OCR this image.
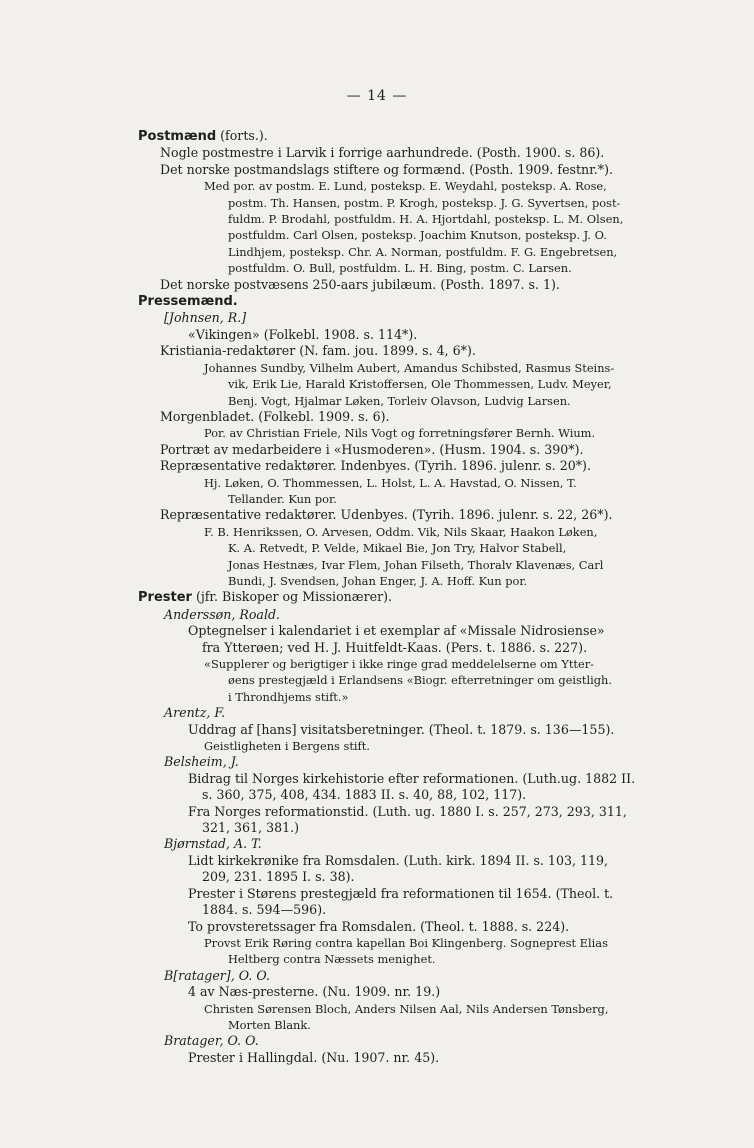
— 14 —
Postmænd (forts.).
Nogle postmestre i Larvik i forrige aarhundrede. (Posth. 1900. s. 86).
Det norske postmandslags stiftere og formænd. (Posth. 1909. festnr.*).
Med por. av postm. E. Lund, posteksp. E. Weydahl, posteksp. A. Rose,
postm. Th. Hansen, postm. P. Krogh, posteksp. J. G. Syvertsen, post-
fuldm. P. Brodahl, postfuldm. H. A. Hjortdahl, posteksp. L. M. Olsen,
postfuldm. Carl Olsen, posteksp. Joachim Knutson, posteksp. J. O.
Lindhjem, posteksp. Chr. A. Norman, postfuldm. F. G. Engebretsen,
postfuldm. O. Bull, postfuldm. L. H. Bing, postm. C. Larsen.
Det norske postvæsens 250-aars jubilæum. (Posth. 1897. s. 1).
Pressemænd.
[Johnsen, R.]
«Vikingen» (Folkebl. 1908. s. 114*).
Kristiania-redaktører (N. fam. jou. 1899. s. 4, 6*).
Johannes Sundby, Vilhelm Aubert, Amandus Schibsted, Rasmus Steins-
vik, Erik Lie, Harald Kristoffersen, Ole Thommessen, Ludv. Meyer,
Benj. Vogt, Hjalmar Løken, Torleiv Olavson, Ludvig Larsen.
Morgenbladet. (Folkebl. 1909. s. 6).
Por. av Christian Friele, Nils Vogt og forretningsfører Bernh. Wium.
Portræt av medarbeidere i «Husmoderen». (Husm. 1904. s. 390*).
Repræsentative redaktører. Indenbyes. (Tyrih. 1896. julenr. s. 20*).
Hj. Løken, O. Thommessen, L. Holst, L. A. Havstad, O. Nissen, T.
Tellander. Kun por.
Repræsentative redaktører. Udenbyes. (Tyrih. 1896. julenr. s. 22, 26*).
F. B. Henrikssen, O. Arvesen, Oddm. Vik, Nils Skaar, Haakon Løken,
K. A. Retvedt, P. Velde, Mikael Bie, Jon Try, Halvor Stabell,
Jonas Hestnæs, Ivar Flem, Johan Filseth, Thoralv Klavenæs, Carl
Bundi, J. Svendsen, Johan Enger, J. A. Hoff. Kun por.
Prester (jfr. Biskoper og Missionærer).
Anderssøn, Roald.
Optegnelser i kalendariet i et exemplar af «Missale Nidrosiense»
fra Ytterøen; ved H. J. Huitfeldt-Kaas. (Pers. t. 1886. s. 227).
«Supplerer og berigtiger i ikke ringe grad meddelelserne om Ytter-
øens prestegjæld i Erlandsens «Biogr. efterretninger om geistligh.
i Throndhjems stift.»
Arentz, F.
Uddrag af [hans] visitatsberetninger. (Theol. t. 1879. s. 136—155).
Geistligheten i Bergens stift.
Belsheim, J.
Bidrag til Norges kirkehistorie efter reformationen. (Luth.ug. 1882 II.
s. 360, 375, 408, 434. 1883 II. s. 40, 88, 102, 117).
Fra Norges reformationstid. (Luth. ug. 1880 I. s. 257, 273, 293, 311,
321, 361, 381.)
Bjørnstad, A. T.
Lidt kirkekrønike fra Romsdalen. (Luth. kirk. 1894 II. s. 103, 119,
209, 231. 1895 I. s. 38).
Prester i Størens prestegjæld fra reformationen til 1654. (Theol. t.
1884. s. 594—596).
To provsteretssager fra Romsdalen. (Theol. t. 1888. s. 224).
Provst Erik Røring contra kapellan Boi Klingenberg. Sogneprest Elias
Heltberg contra Næssets menighet.
B[ratager], O. O.
4 av Næs-presterne. (Nu. 1909. nr. 19.)
Christen Sørensen Bloch, Anders Nilsen Aal, Nils Andersen Tønsberg,
Morten Blank.
Bratager, O. O.
Prester i Hallingdal. (Nu. 1907. nr. 45).
